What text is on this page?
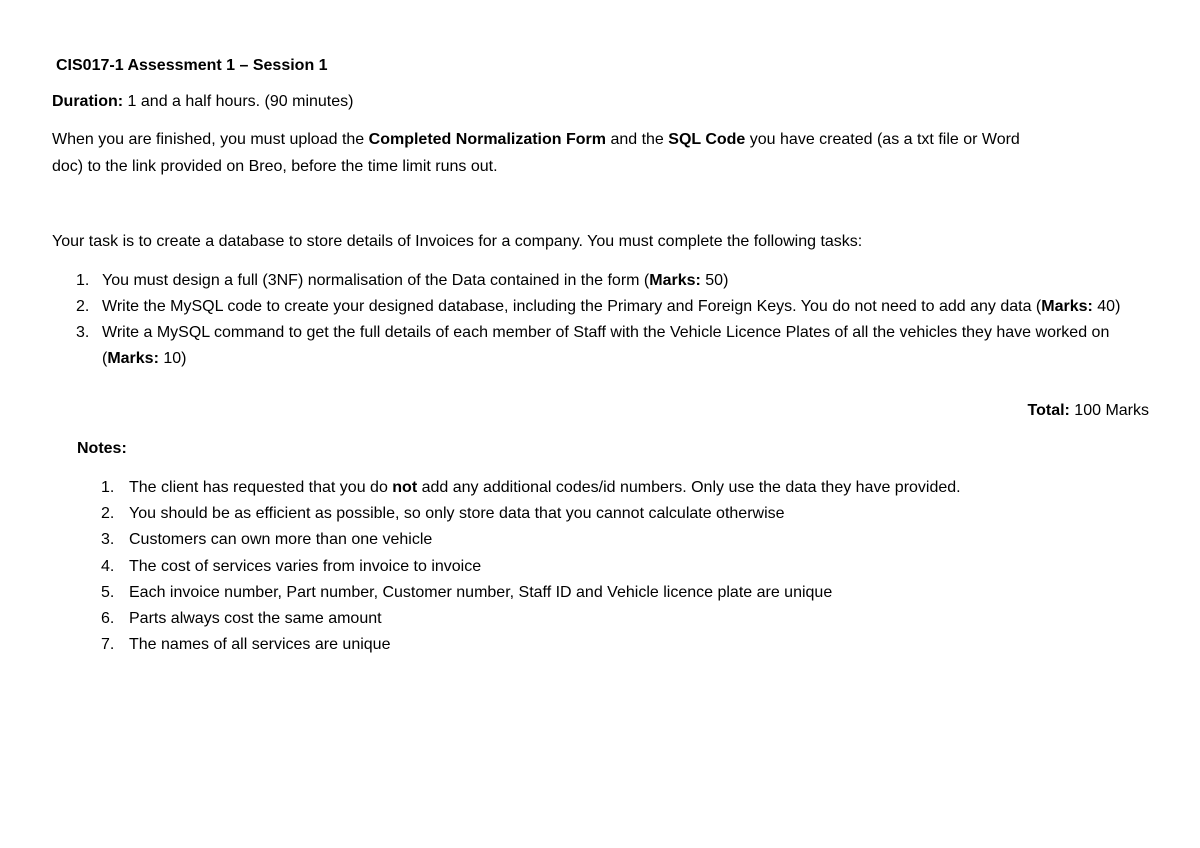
CIS017-1 Assessment 1 – Session 1
Duration: 1 and a half hours. (90 minutes)
When you are finished, you must upload the Completed Normalization Form and the SQL Code you have created (as a txt file or Word
doc) to the link provided on Breo, before the time limit runs out.
Your task is to create a database to store details of Invoices for a company. You must complete the following tasks:
1. You must design a full (3NF) normalisation of the Data contained in the form (Marks: 50)
2. Write the MySQL code to create your designed database, including the Primary and Foreign Keys. You do not need to add any data (Marks: 40)
3. Write a MySQL command to get the full details of each member of Staff with the Vehicle Licence Plates of all the vehicles they have worked on (Marks: 10)
Total: 100 Marks
Notes:
1. The client has requested that you do not add any additional codes/id numbers. Only use the data they have provided.
2. You should be as efficient as possible, so only store data that you cannot calculate otherwise
3. Customers can own more than one vehicle
4. The cost of services varies from invoice to invoice
5. Each invoice number, Part number, Customer number, Staff ID and Vehicle licence plate are unique
6. Parts always cost the same amount
7. The names of all services are unique
